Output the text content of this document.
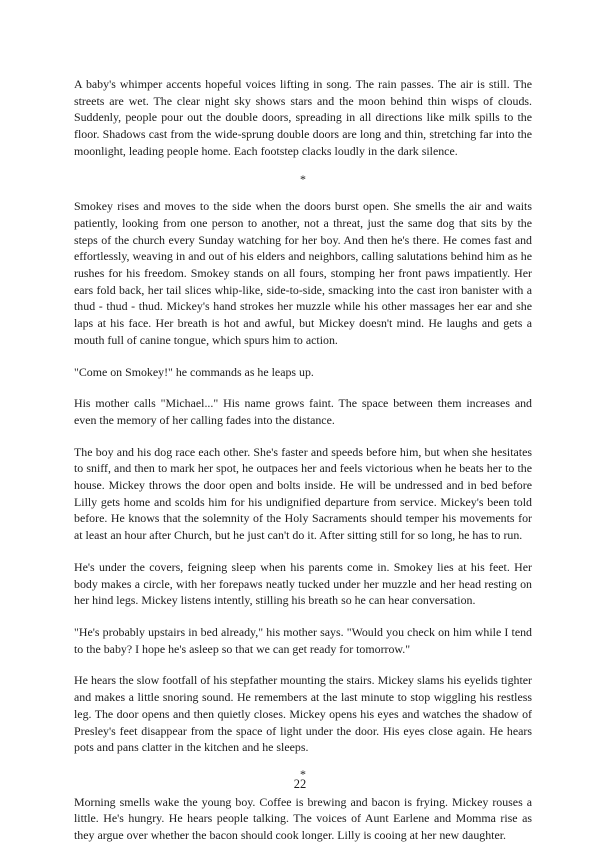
A baby's whimper accents hopeful voices lifting in song. The rain passes. The air is still. The streets are wet. The clear night sky shows stars and the moon behind thin wisps of clouds. Suddenly, people pour out the double doors, spreading in all directions like milk spills to the floor. Shadows cast from the wide-sprung double doors are long and thin, stretching far into the moonlight, leading people home. Each footstep clacks loudly in the dark silence.

*

Smokey rises and moves to the side when the doors burst open. She smells the air and waits patiently, looking from one person to another, not a threat, just the same dog that sits by the steps of the church every Sunday watching for her boy. And then he's there. He comes fast and effortlessly, weaving in and out of his elders and neighbors, calling salutations behind him as he rushes for his freedom. Smokey stands on all fours, stomping her front paws impatiently. Her ears fold back, her tail slices whip-like, side-to-side, smacking into the cast iron banister with a thud - thud - thud. Mickey's hand strokes her muzzle while his other massages her ear and she laps at his face. Her breath is hot and awful, but Mickey doesn't mind. He laughs and gets a mouth full of canine tongue, which spurs him to action.

"Come on Smokey!" he commands as he leaps up.

His mother calls "Michael..." His name grows faint. The space between them increases and even the memory of her calling fades into the distance.

The boy and his dog race each other. She's faster and speeds before him, but when she hesitates to sniff, and then to mark her spot, he outpaces her and feels victorious when he beats her to the house. Mickey throws the door open and bolts inside. He will be undressed and in bed before Lilly gets home and scolds him for his undignified departure from service. Mickey's been told before. He knows that the solemnity of the Holy Sacraments should temper his movements for at least an hour after Church, but he just can't do it. After sitting still for so long, he has to run.

He's under the covers, feigning sleep when his parents come in. Smokey lies at his feet. Her body makes a circle, with her forepaws neatly tucked under her muzzle and her head resting on her hind legs. Mickey listens intently, stilling his breath so he can hear conversation.

"He's probably upstairs in bed already," his mother says. "Would you check on him while I tend to the baby? I hope he's asleep so that we can get ready for tomorrow."

He hears the slow footfall of his stepfather mounting the stairs. Mickey slams his eyelids tighter and makes a little snoring sound. He remembers at the last minute to stop wiggling his restless leg. The door opens and then quietly closes. Mickey opens his eyes and watches the shadow of Presley's feet disappear from the space of light under the door. His eyes close again. He hears pots and pans clatter in the kitchen and he sleeps.

*

Morning smells wake the young boy. Coffee is brewing and bacon is frying. Mickey rouses a little. He's hungry. He hears people talking. The voices of Aunt Earlene and Momma rise as they argue over whether the bacon should cook longer. Lilly is cooing at her new daughter.

22
